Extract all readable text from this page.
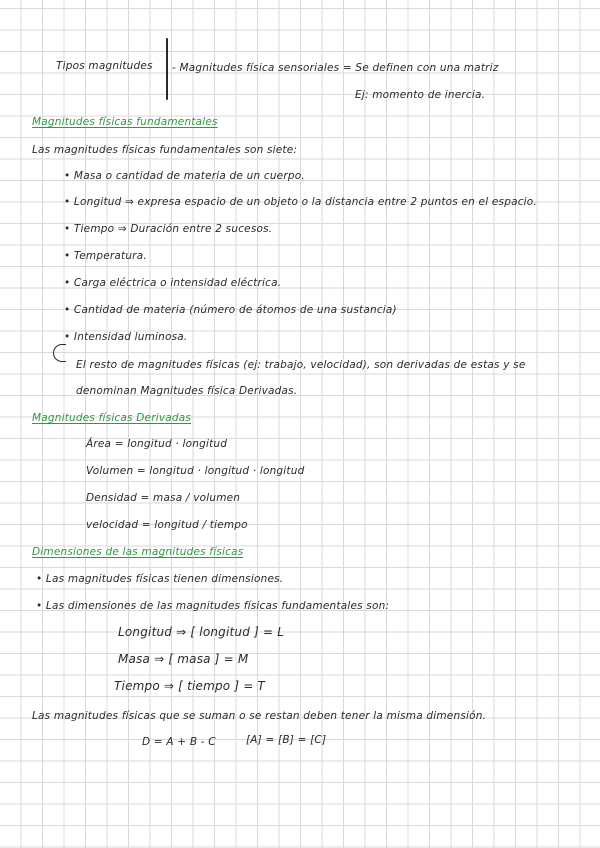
Tipos magnitudes - Magnitudes física sensoriales = Se definen con una matriz
Ej: momento de inercia.
Magnitudes físicas fundamentales
Las magnitudes físicas fundamentales son siete:
• Masa o cantidad de materia de un cuerpo.
• Longitud ⇒ expresa espacio de un objeto o la distancia entre 2 puntos en el espacio.
• Tiempo ⇒ Duración entre 2 sucesos.
• Temperatura.
• Carga eléctrica o intensidad eléctrica.
• Cantidad de materia (número de átomos de una sustancia)
• Intensidad luminosa.
El resto de magnitudes físicas (ej: trabajo, velocidad), son derivadas de estas y se
denominan Magnitudes física Derivadas.
Magnitudes físicas Derivadas
Área = longitud · longitud
Volumen = longitud · longitud · longitud
Densidad = masa / volumen
velocidad = longitud / tiempo
Dimensiones de las magnitudes físicas
• Las magnitudes físicas tienen dimensiones.
• Las dimensiones de las magnitudes físicas fundamentales son:
Longitud ⇒ [ longitud ] = L
Masa ⇒ [ masa ] = M
Tiempo ⇒ [ tiempo ] = T
Las magnitudes físicas que se suman o se restan deben tener la misma dimensión.
D = A + B - C	[A] = [B] = [C]
